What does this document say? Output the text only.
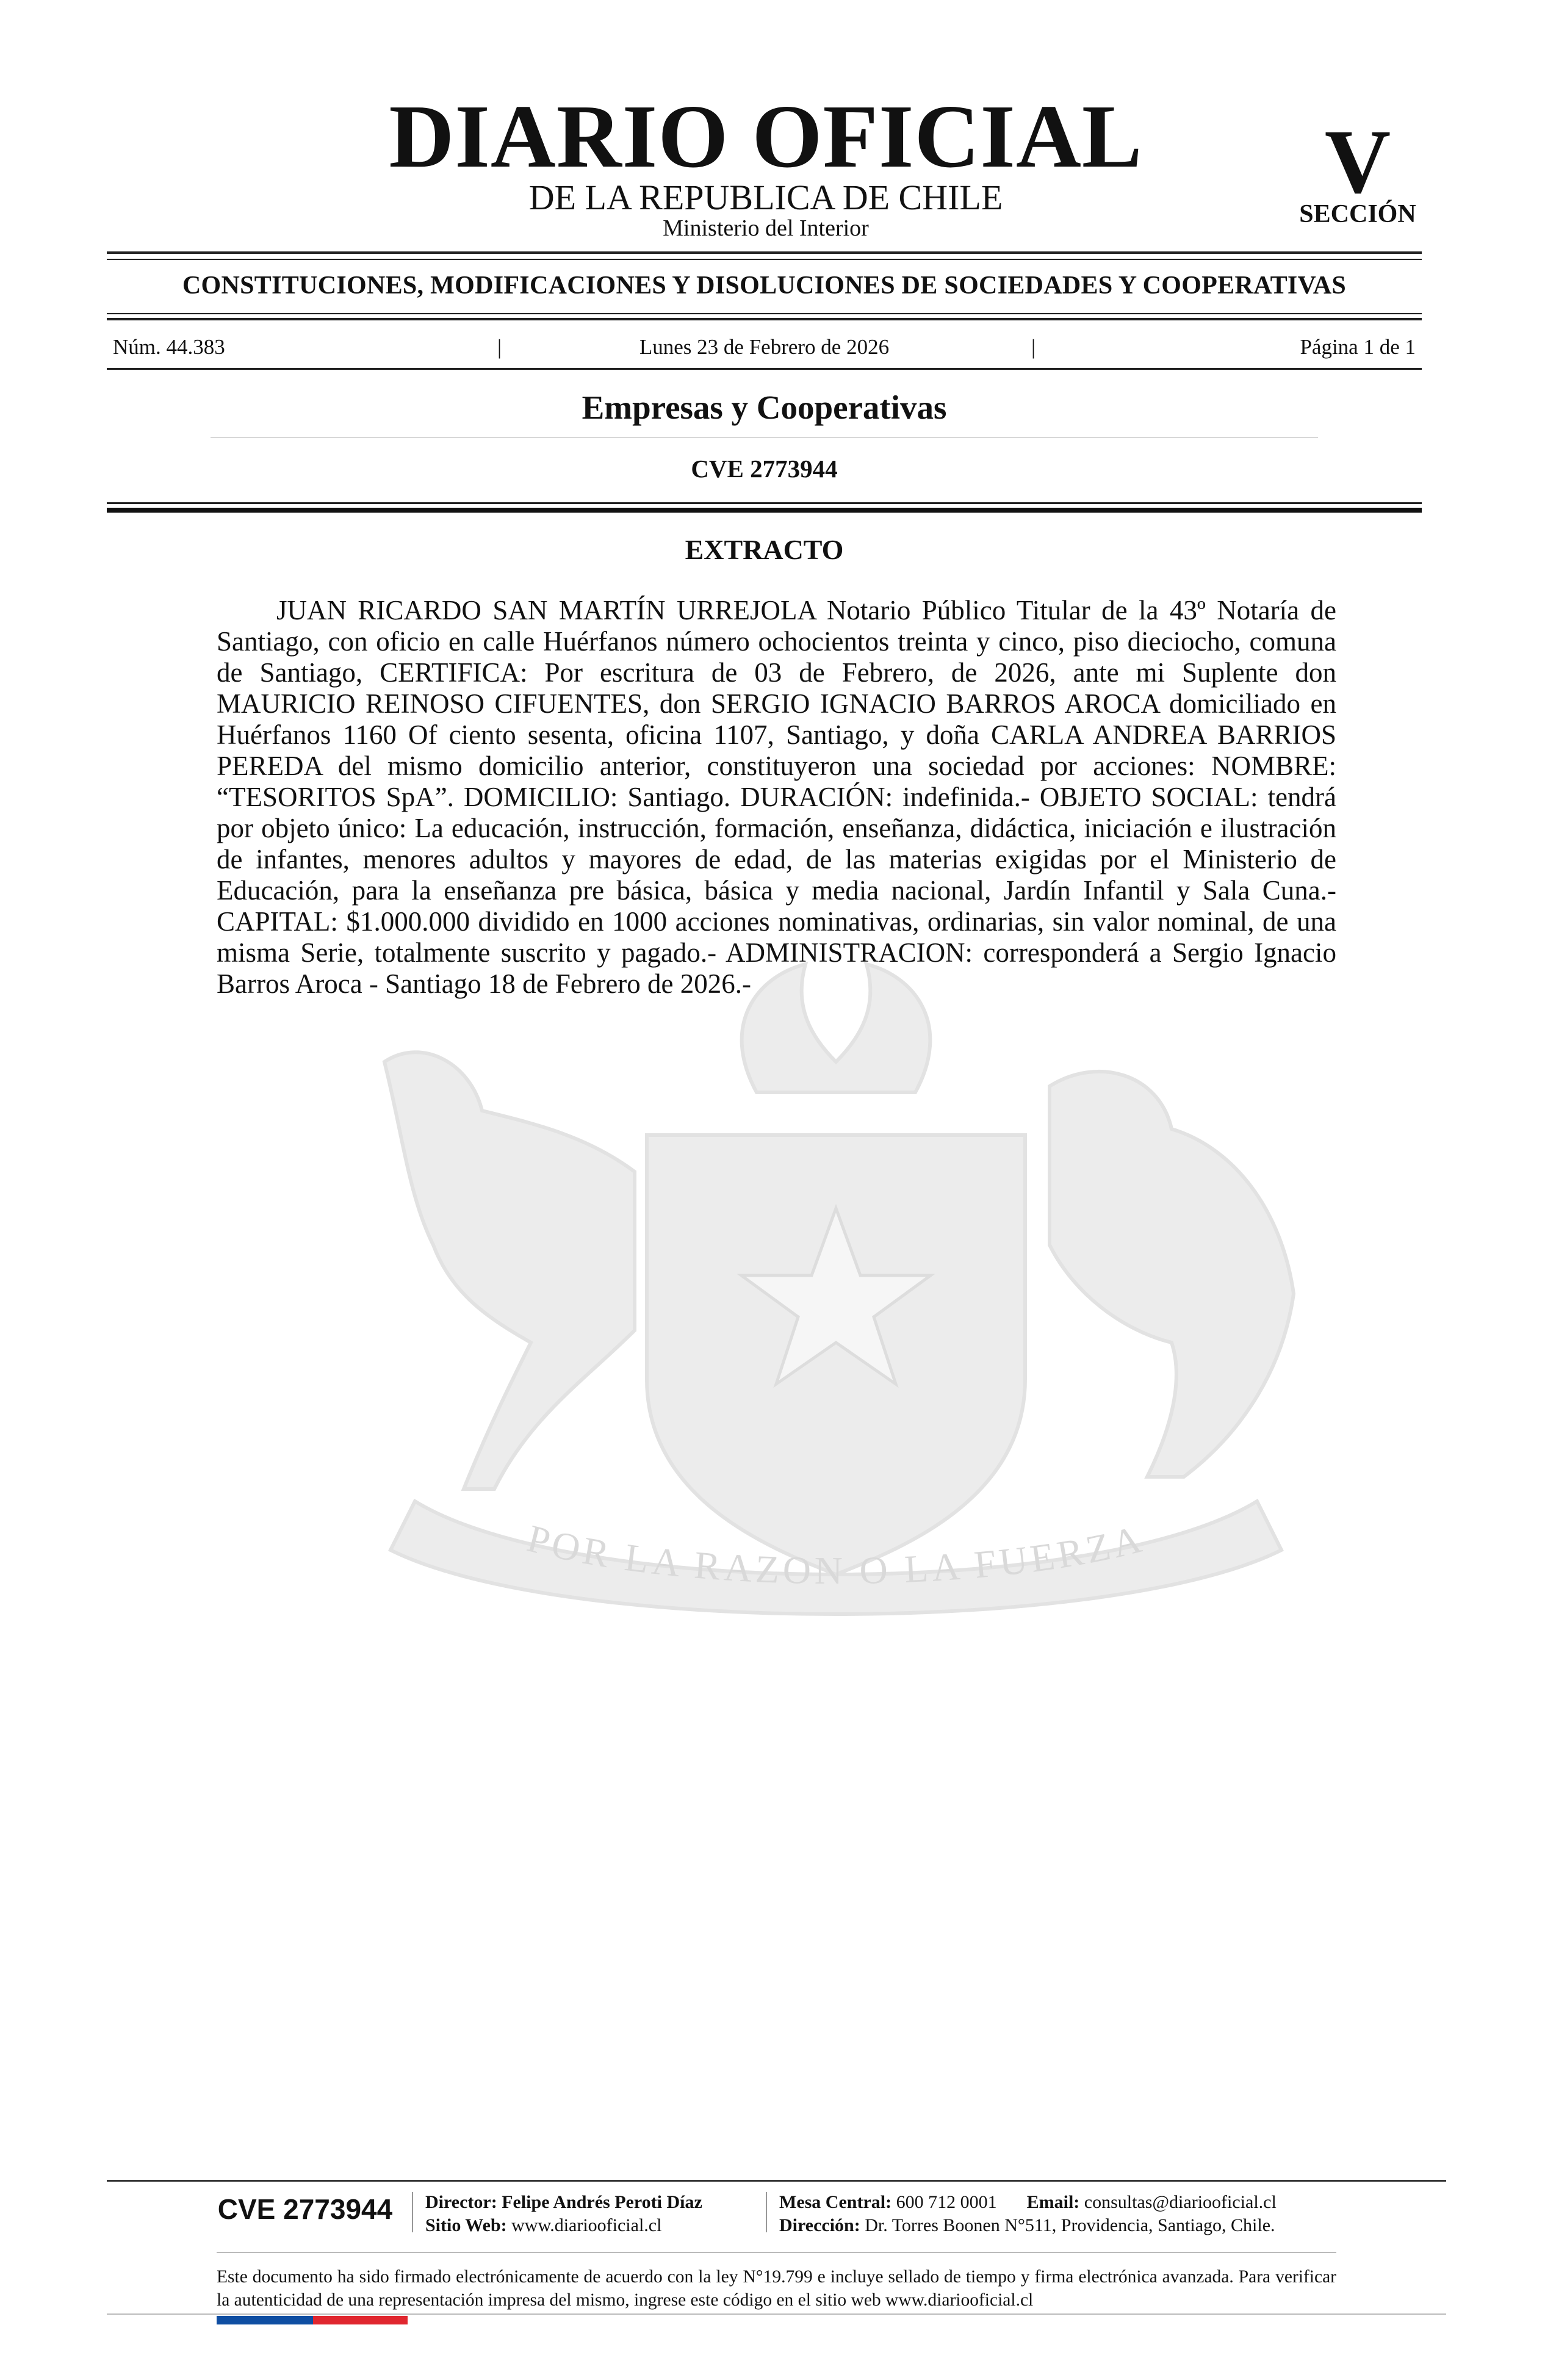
POR LA RAZON O LA FUERZA
DIARIO OFICIAL
DE LA REPUBLICA DE CHILE
Ministerio del Interior
V
SECCIÓN
CONSTITUCIONES, MODIFICACIONES Y DISOLUCIONES DE SOCIEDADES Y COOPERATIVAS
Núm. 44.383	|	Lunes 23 de Febrero de 2026	|	Página 1 de 1
Empresas y Cooperativas
CVE 2773944
EXTRACTO

JUAN RICARDO SAN MARTÍN URREJOLA Notario Público Titular de la 43º Notaría de Santiago, con oficio en calle Huérfanos número ochocientos treinta y cinco, piso dieciocho, comuna de Santiago, CERTIFICA: Por escritura de 03 de Febrero, de 2026, ante mi Suplente don MAURICIO REINOSO CIFUENTES, don SERGIO IGNACIO BARROS AROCA domiciliado en Huérfanos 1160 Of ciento sesenta, oficina 1107, Santiago, y doña CARLA ANDREA BARRIOS PEREDA del mismo domicilio anterior, constituyeron una sociedad por acciones: NOMBRE: “TESORITOS SpA”. DOMICILIO: Santiago. DURACIÓN: indefinida.- OBJETO SOCIAL: tendrá por objeto único: La educación, instrucción, formación, enseñanza, didáctica, iniciación e ilustración de infantes, menores adultos y mayores de edad, de las materias exigidas por el Ministerio de Educación, para la enseñanza pre básica, básica y media nacional, Jardín Infantil y Sala Cuna.- CAPITAL: $1.000.000 dividido en 1000 acciones nominativas, ordinarias, sin valor nominal, de una misma Serie, totalmente suscrito y pagado.- ADMINISTRACION: corresponderá a Sergio Ignacio Barros Aroca - Santiago 18 de Febrero de 2026.-

CVE 2773944	Director: Felipe Andrés Peroti Díaz
Sitio Web: www.diariooficial.cl
Mesa Central: 600 712 0001 Email: consultas@diariooficial.cl
Dirección: Dr. Torres Boonen N°511, Providencia, Santiago, Chile.
Este documento ha sido firmado electrónicamente de acuerdo con la ley N°19.799 e incluye sellado de tiempo y firma electrónica avanzada. Para verificar la autenticidad de una representación impresa del mismo, ingrese este código en el sitio web www.diariooficial.cl
